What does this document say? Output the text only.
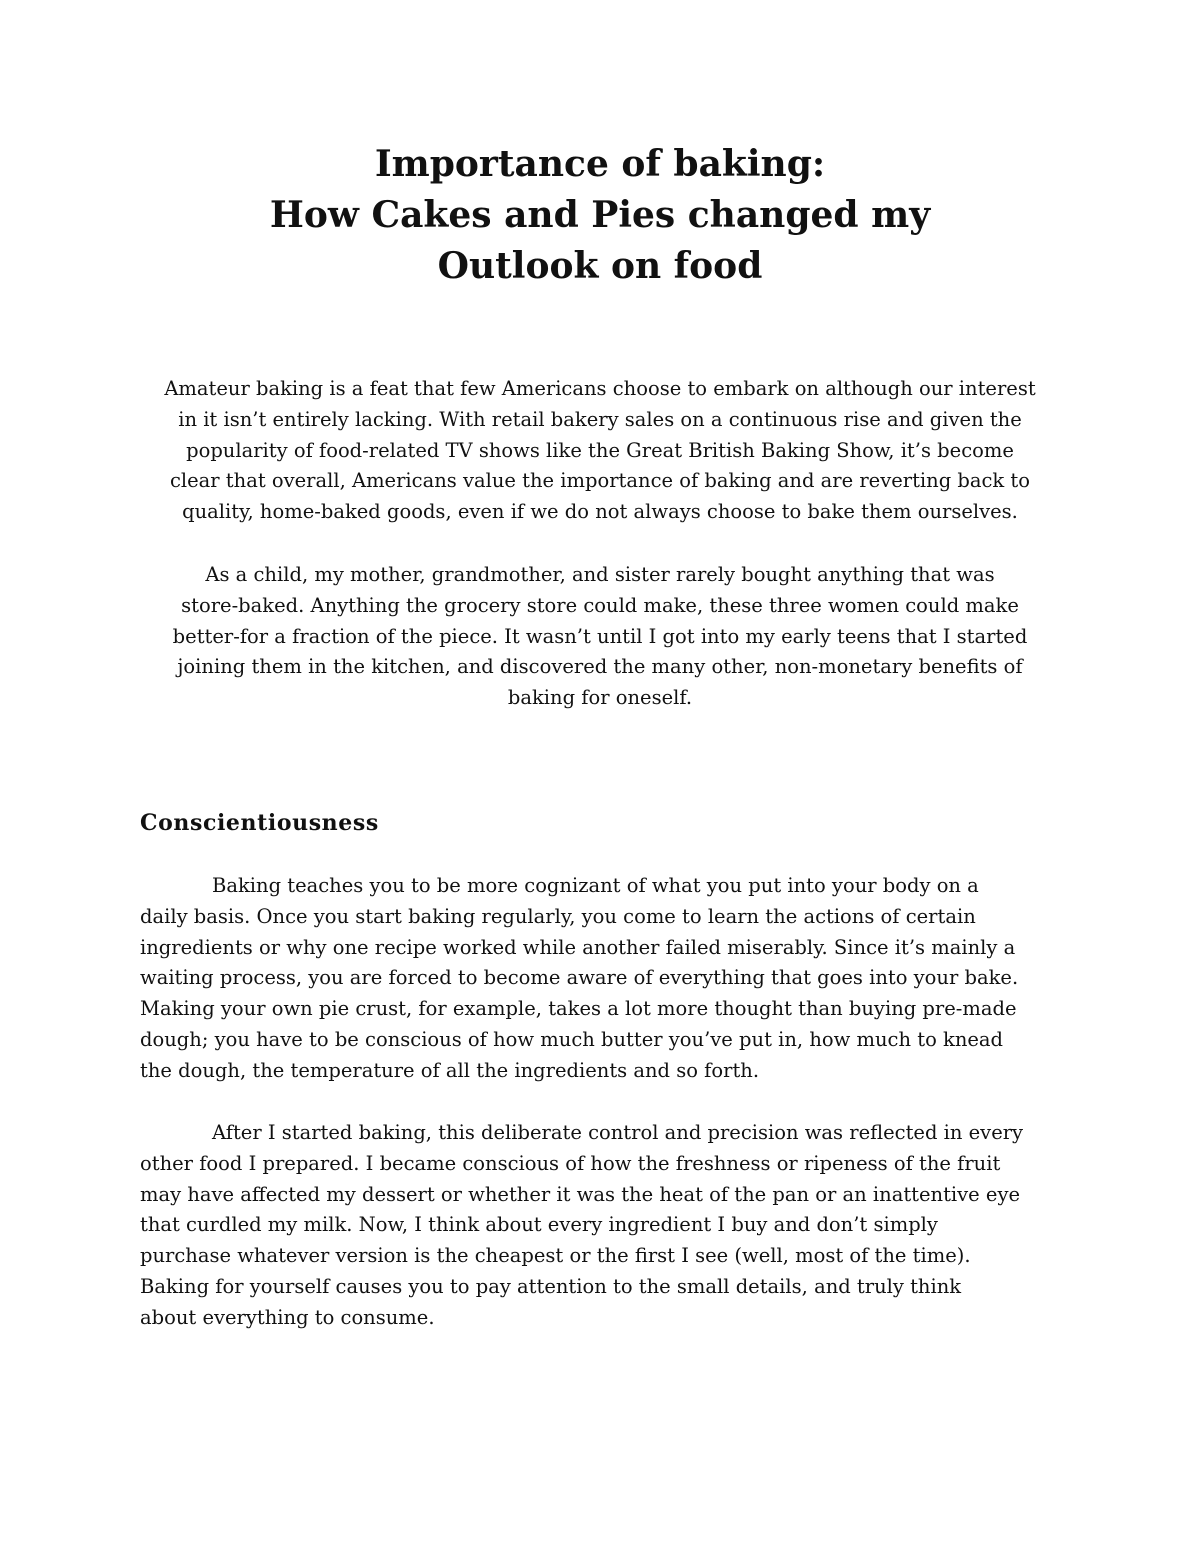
Importance of baking:
How Cakes and Pies changed my
Outlook on food
Amateur baking is a feat that few Americans choose to embark on although our interest
in it isn’t entirely lacking. With retail bakery sales on a continuous rise and given the
popularity of food-related TV shows like the Great British Baking Show, it’s become
clear that overall, Americans value the importance of baking and are reverting back to
quality, home-baked goods, even if we do not always choose to bake them ourselves.
As a child, my mother, grandmother, and sister rarely bought anything that was
store-baked. Anything the grocery store could make, these three women could make
better-for a fraction of the piece. It wasn’t until I got into my early teens that I started
joining them in the kitchen, and discovered the many other, non-monetary benefits of
baking for oneself.
Conscientiousness
Baking teaches you to be more cognizant of what you put into your body on a
daily basis. Once you start baking regularly, you come to learn the actions of certain
ingredients or why one recipe worked while another failed miserably. Since it’s mainly a
waiting process, you are forced to become aware of everything that goes into your bake.
Making your own pie crust, for example, takes a lot more thought than buying pre-made
dough; you have to be conscious of how much butter you’ve put in, how much to knead
the dough, the temperature of all the ingredients and so forth.
After I started baking, this deliberate control and precision was reflected in every
other food I prepared. I became conscious of how the freshness or ripeness of the fruit
may have affected my dessert or whether it was the heat of the pan or an inattentive eye
that curdled my milk. Now, I think about every ingredient I buy and don’t simply
purchase whatever version is the cheapest or the first I see (well, most of the time).
Baking for yourself causes you to pay attention to the small details, and truly think
about everything to consume.
